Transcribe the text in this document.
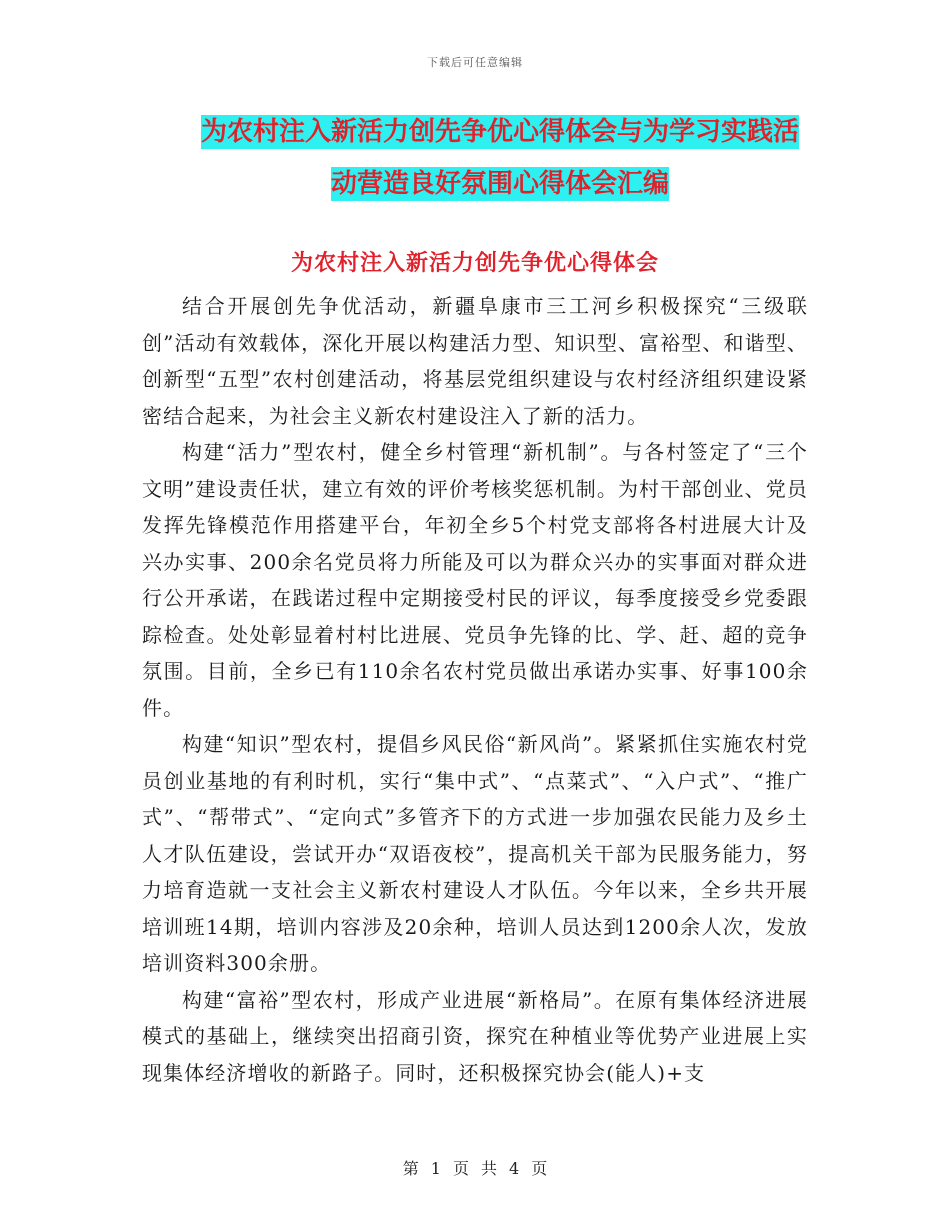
下载后可任意编辑
为农村注入新活力创先争优心得体会与为学习实践活
动营造良好氛围心得体会汇编
为农村注入新活力创先争优心得体会

结合开展创先争优活动，新疆阜康市三工河乡积极探究“三级联创”活动有效载体，深化开展以构建活力型、知识型、富裕型、和谐型、创新型“五型”农村创建活动，将基层党组织建设与农村经济组织建设紧密结合起来，为社会主义新农村建设注入了新的活力。

构建“活力”型农村，健全乡村管理“新机制”。与各村签定了“三个文明”建设责任状，建立有效的评价考核奖惩机制。为村干部创业、党员发挥先锋模范作用搭建平台，年初全乡5个村党支部将各村进展大计及兴办实事、200余名党员将力所能及可以为群众兴办的实事面对群众进行公开承诺，在践诺过程中定期接受村民的评议，每季度接受乡党委跟踪检查。处处彰显着村村比进展、党员争先锋的比、学、赶、超的竞争氛围。目前，全乡已有110余名农村党员做出承诺办实事、好事100余件。

构建“知识”型农村，提倡乡风民俗“新风尚”。紧紧抓住实施农村党员创业基地的有利时机，实行“集中式”、“点菜式”、“入户式”、“推广式”、“帮带式”、“定向式”多管齐下的方式进一步加强农民能力及乡土人才队伍建设，尝试开办“双语夜校”，提高机关干部为民服务能力，努力培育造就一支社会主义新农村建设人才队伍。今年以来，全乡共开展培训班14期，培训内容涉及20余种，培训人员达到1200余人次，发放培训资料300余册。

构建“富裕”型农村，形成产业进展“新格局”。在原有集体经济进展模式的基础上，继续突出招商引资，探究在种植业等优势产业进展上实现集体经济增收的新路子。同时，还积极探究协会(能人)+支

第 1 页 共 4 页
